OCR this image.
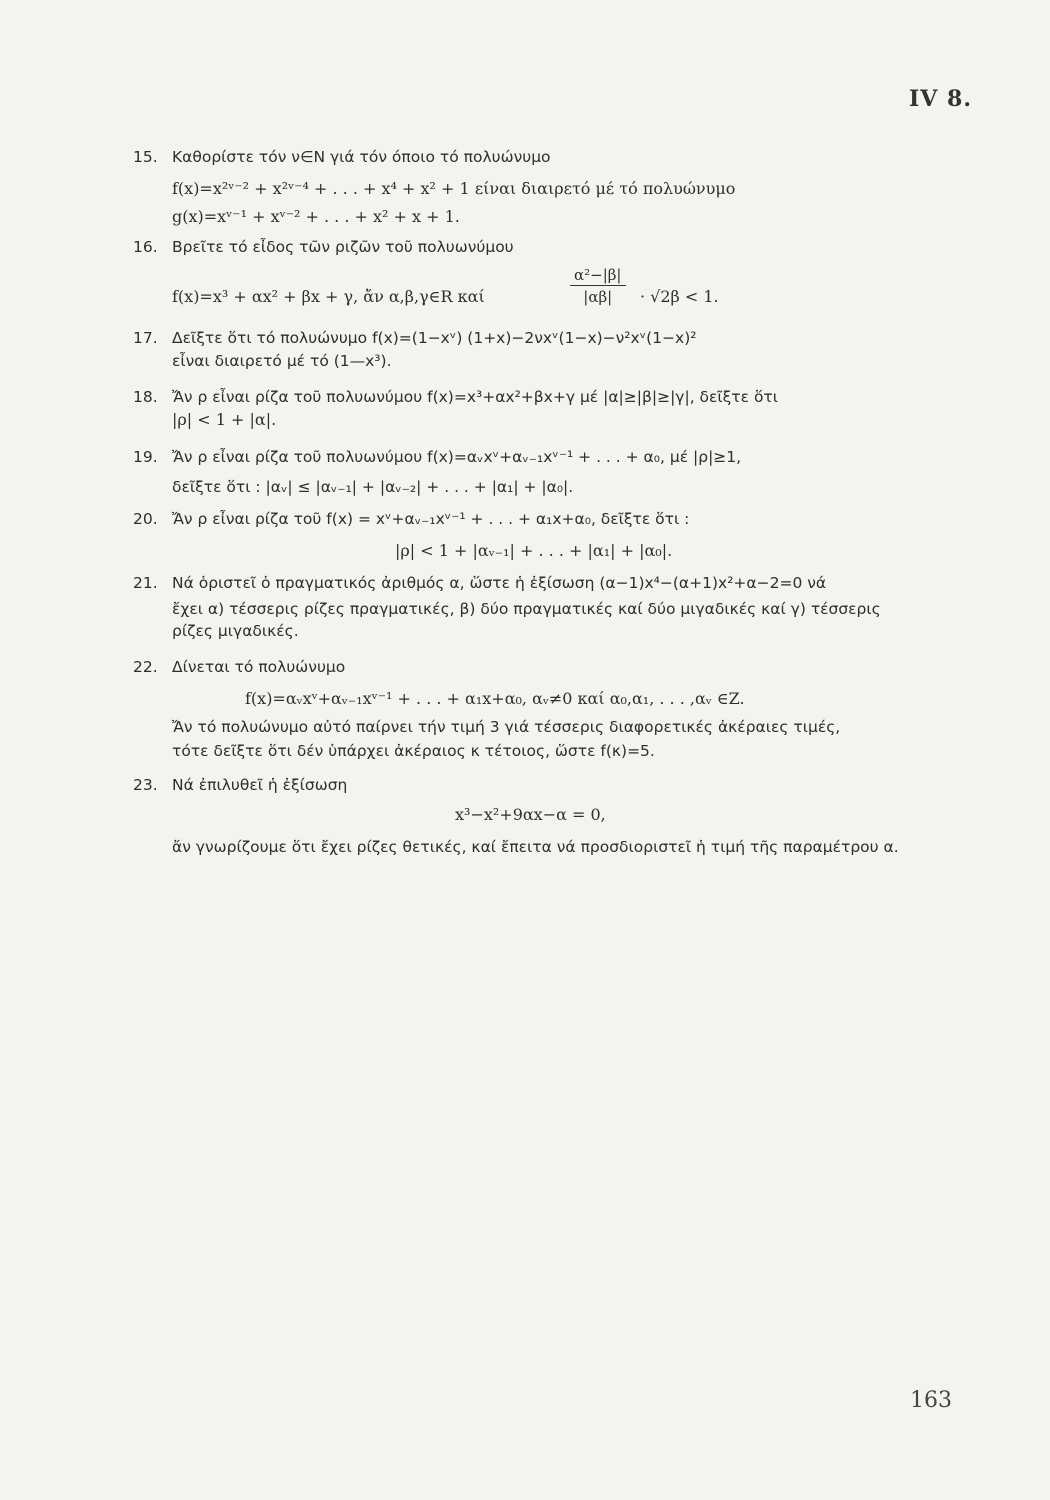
IV 8.
15. Καθορίστε τόν ν∈N γιά τόν όποιο τό πολυώνυμο
f(x)=x²ᵛ⁻² + x²ᵛ⁻⁴ + . . . + x⁴ + x² + 1 είναι διαιρετό μέ τό πολυώνυμο
g(x)=xᵛ⁻¹ + xᵛ⁻² + . . . + x² + x + 1.
16. Βρεῖτε τό εἶδος τῶν ριζῶν τοῦ πολυωνύμου
f(x)=x³ + αx² + βx + γ, ἄν α,β,γ∈R καί	$\frac{\text{α²−|β|}}{|\alpha\beta|} \cdot √2\beta < 1$.
17. Δεῖξτε ὅτι τό πολυώνυμο f(x)=(1−xᵛ) (1+x)−2νxᵛ(1−x)−ν²xᵛ(1−x)²
εἶναι διαιρετό μέ τό (1—x³).
18. Ἄν ρ εἶναι ρίζα τοῦ πολυωνύμου f(x)=x³+αx²+βx+γ μέ |α|≥|β|≥|γ|, δεῖξτε ὅτι
|ρ| < 1 + |α|.
19. Ἄν ρ εἶναι ρίζα τοῦ πολυωνύμου f(x)=αᵥxᵛ+αᵥ₋₁xᵛ⁻¹ + . . . + α₀, μέ |ρ|≥1,
δεῖξτε ὅτι : |αᵥ| ≤ |αᵥ₋₁| + |αᵥ₋₂| + . . . + |α₁| + |α₀|.
20. Ἄν ρ εἶναι ρίζα τοῦ f(x) = xᵛ+αᵥ₋₁xᵛ⁻¹ + . . . + α₁x+α₀, δεῖξτε ὅτι :
|ρ| < 1 + |αᵥ₋₁| + . . . + |α₁| + |α₀|.
21. Νά ὁριστεῖ ὁ πραγματικός ἀριθμός α, ὥστε ἡ ἐξίσωση (α−1)x⁴−(α+1)x²+α−2=0 νά
ἔχει α) τέσσερις ρίζες πραγματικές, β) δύο πραγματικές καί δύο μιγαδικές καί γ) τέσσερις
ρίζες μιγαδικές.
22. Δίνεται τό πολυώνυμο
f(x)=αᵥxᵛ+αᵥ₋₁xᵛ⁻¹ + . . . + α₁x+α₀, αᵥ≠0 καί α₀,α₁, . . . ,αᵥ ∈Z.
Ἄν τό πολυώνυμο αὐτό παίρνει τήν τιμή 3 γιά τέσσερις διαφορετικές ἀκέραιες τιμές,
τότε δεῖξτε ὅτι δέν ὑπάρχει ἀκέραιος κ τέτοιος, ὥστε f(κ)=5.
23. Νά ἐπιλυθεῖ ἡ ἐξίσωση
x³−x²+9αx−α = 0,
ἄν γνωρίζουμε ὅτι ἔχει ρίζες θετικές, καί ἔπειτα νά προσδιοριστεῖ ἡ τιμή τῆς παραμέτρου α.
163
